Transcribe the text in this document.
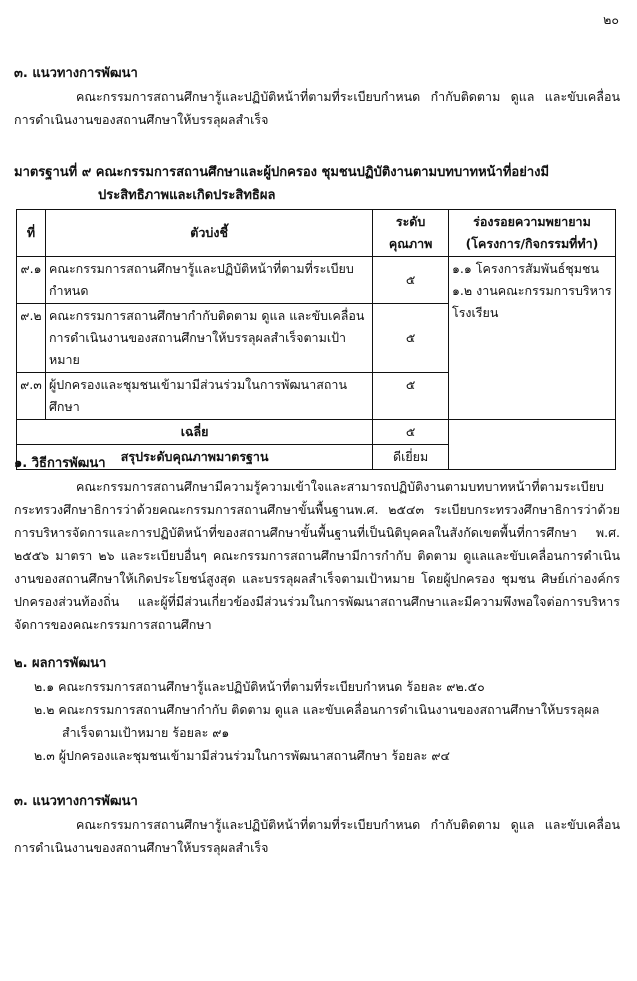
๒๐
๓. แนวทางการพัฒนา
คณะกรรมการสถานศึกษารู้และปฏิบัติหน้าที่ตามที่ระเบียบกำหนด กำกับติดตาม ดูแล และขับเคลื่อนการดำเนินงานของสถานศึกษาให้บรรลุผลสำเร็จ
มาตรฐานที่ ๙ คณะกรรมการสถานศึกษาและผู้ปกครอง ชุมชนปฏิบัติงานตามบทบาทหน้าที่อย่างมี
ประสิทธิภาพและเกิดประสิทธิผล
ที่	ตัวบ่งชี้	ระดับคุณภาพ	ร่องรอยความพยายาม (โครงการ/กิจกรรมที่ทำ)
๙.๑	คณะกรรมการสถานศึกษารู้และปฏิบัติหน้าที่ตามที่ระเบียบกำหนด	๕	๑.๑ โครงการสัมพันธ์ชุมชน
๑.๒ งานคณะกรรมการบริหารโรงเรียน

๙.๒	คณะกรรมการสถานศึกษากำกับติดตาม ดูแล และขับเคลื่อนการดำเนินงานของสถานศึกษาให้บรรลุผลสำเร็จตามเป้าหมาย	๕	
๙.๓	ผู้ปกครองและชุมชนเข้ามามีส่วนร่วมในการพัฒนาสถานศึกษา	๕	
เฉลี่ย		๕	
สรุประดับคุณภาพมาตรฐาน		ดีเยี่ยม	
๑. วิธีการพัฒนา
คณะกรรมการสถานศึกษามีความรู้ความเข้าใจและสามารถปฏิบัติงานตามบทบาทหน้าที่ตามระเบียบกระทรวงศึกษาธิการว่าด้วยคณะกรรมการสถานศึกษาขั้นพื้นฐานพ.ศ. ๒๕๔๓ ระเบียบกระทรวงศึกษาธิการว่าด้วยการบริหารจัดการและการปฏิบัติหน้าที่ของสถานศึกษาขั้นพื้นฐานที่เป็นนิติบุคคลในสังกัดเขตพื้นที่การศึกษา พ.ศ. ๒๕๕๖ มาตรา ๒๖ และระเบียบอื่นๆ คณะกรรมการสถานศึกษามีการกำกับ ติดตาม ดูแลและขับเคลื่อนการดำเนินงานของสถานศึกษาให้เกิดประโยชน์สูงสุด และบรรลุผลสำเร็จตามเป้าหมาย โดยผู้ปกครอง ชุมชน ศิษย์เก่าองค์กรปกครองส่วนท้องถิ่น และผู้ที่มีส่วนเกี่ยวข้องมีส่วนร่วมในการพัฒนาสถานศึกษาและมีความพึงพอใจต่อการบริหารจัดการของคณะกรรมการสถานศึกษา
๒. ผลการพัฒนา
๒.๑ คณะกรรมการสถานศึกษารู้และปฏิบัติหน้าที่ตามที่ระเบียบกำหนด ร้อยละ ๙๒.๕๐
๒.๒ คณะกรรมการสถานศึกษากำกับ ติดตาม ดูแล และขับเคลื่อนการดำเนินงานของสถานศึกษาให้บรรลุผล
สำเร็จตามเป้าหมาย ร้อยละ ๙๑
๒.๓ ผู้ปกครองและชุมชนเข้ามามีส่วนร่วมในการพัฒนาสถานศึกษา ร้อยละ ๙๔
๓. แนวทางการพัฒนา
คณะกรรมการสถานศึกษารู้และปฏิบัติหน้าที่ตามที่ระเบียบกำหนด กำกับติดตาม ดูแล และขับเคลื่อนการดำเนินงานของสถานศึกษาให้บรรลุผลสำเร็จ
